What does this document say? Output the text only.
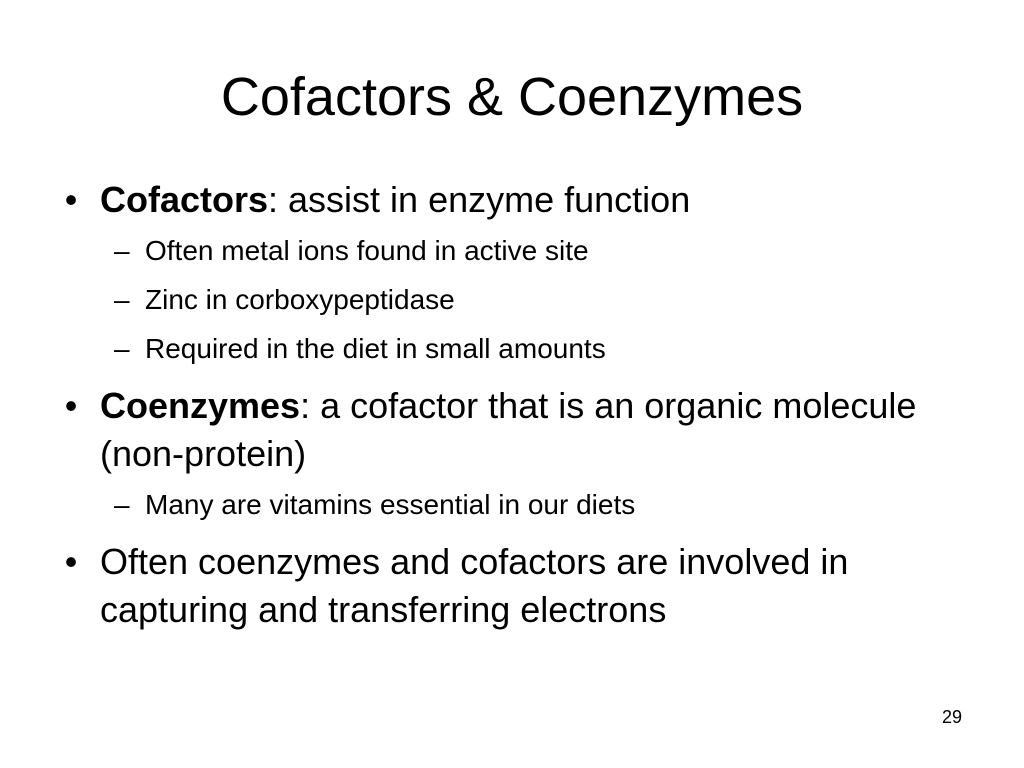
Cofactors & Coenzymes
• Cofactors: assist in enzyme function
– Often metal ions found in active site
– Zinc in corboxypeptidase
– Required in the diet in small amounts
• Coenzymes: a cofactor that is an organic molecule (non-protein)
– Many are vitamins essential in our diets
• Often coenzymes and cofactors are involved in capturing and transferring electrons
29
